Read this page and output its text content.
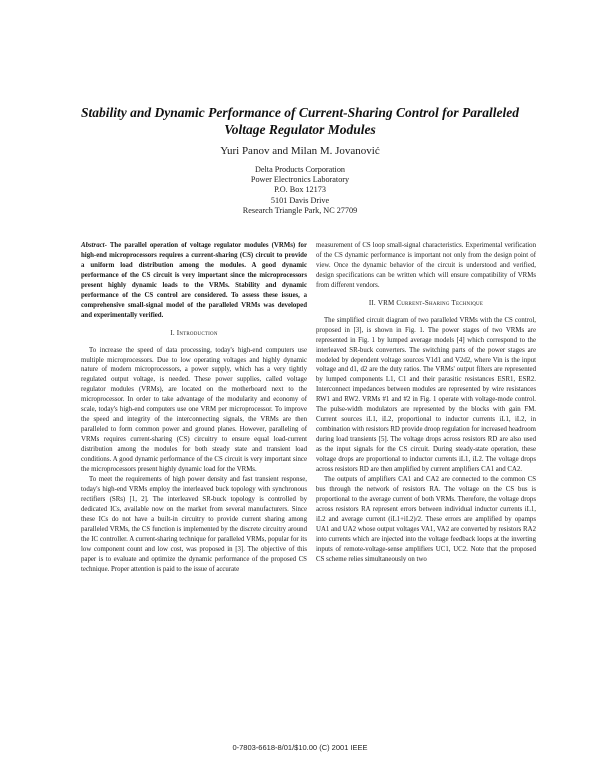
Stability and Dynamic Performance of Current-Sharing Control for Paralleled
Voltage Regulator Modules
Yuri Panov and Milan M. Jovanović
Delta Products Corporation
Power Electronics Laboratory
P.O. Box 12173
5101 Davis Drive
Research Triangle Park, NC 27709

Abstract- The parallel operation of voltage regulator modules (VRMs) for high-end microprocessors requires a current-sharing (CS) circuit to provide a uniform load distribution among the modules. A good dynamic performance of the CS circuit is very important since the microprocessors present highly dynamic loads to the VRMs. Stability and dynamic performance of the CS control are considered. To assess these issues, a comprehensive small-signal model of the paralleled VRMs was developed and experimentally verified.

I. Introduction

To increase the speed of data processing, today's high-end computers use multiple microprocessors. Due to low operating voltages and highly dynamic nature of modern microprocessors, a power supply, which has a very tightly regulated output voltage, is needed. These power supplies, called voltage regulator modules (VRMs), are located on the motherboard next to the microprocessor. In order to take advantage of the modularity and economy of scale, today's high-end computers use one VRM per microprocessor. To improve the speed and integrity of the interconnecting signals, the VRMs are then paralleled to form common power and ground planes. However, paralleling of VRMs requires current-sharing (CS) circuitry to ensure equal load-current distribution among the modules for both steady state and transient load conditions. A good dynamic performance of the CS circuit is very important since the microprocessors present highly dynamic load for the VRMs.

To meet the requirements of high power density and fast transient response, today's high-end VRMs employ the interleaved buck topology with synchronous rectifiers (SRs) [1, 2]. The interleaved SR-buck topology is controlled by dedicated ICs, available now on the market from several manufacturers. Since these ICs do not have a built-in circuitry to provide current sharing among paralleled VRMs, the CS function is implemented by the discrete circuitry around the IC controller. A current-sharing technique for paralleled VRMs, popular for its low component count and low cost, was proposed in [3]. The objective of this paper is to evaluate and optimize the dynamic performance of the proposed CS technique. Proper attention is paid to the issue of accurate

measurement of CS loop small-signal characteristics. Experimental verification of the CS dynamic performance is important not only from the design point of view. Once the dynamic behavior of the circuit is understood and verified, design specifications can be written which will ensure compatibility of VRMs from different vendors.

II. VRM Current-Sharing Technique

The simplified circuit diagram of two paralleled VRMs with the CS control, proposed in [3], is shown in Fig. 1. The power stages of two VRMs are represented in Fig. 1 by lumped average models [4] which correspond to the interleaved SR-buck converters. The switching parts of the power stages are modeled by dependent voltage sources V1d1 and V2d2, where Vin is the input voltage and d1, d2 are the duty ratios. The VRMs' output filters are represented by lumped components L1, C1 and their parasitic resistances ESR1, ESR2. Interconnect impedances between modules are represented by wire resistances RW1 and RW2. VRMs #1 and #2 in Fig. 1 operate with voltage-mode control. The pulse-width modulators are represented by the blocks with gain FM. Current sources iL1, iL2, proportional to inductor currents iL1, iL2, in combination with resistors RD provide droop regulation for increased headroom during load transients [5]. The voltage drops across resistors RD are also used as the input signals for the CS circuit. During steady-state operation, these voltage drops are proportional to inductor currents iL1, iL2. The voltage drops across resistors RD are then amplified by current amplifiers CA1 and CA2.

The outputs of amplifiers CA1 and CA2 are connected to the common CS bus through the network of resistors RA. The voltage on the CS bus is proportional to the average current of both VRMs. Therefore, the voltage drops across resistors RA represent errors between individual inductor currents iL1, iL2 and average current (iL1+iL2)/2. These errors are amplified by opamps UA1 and UA2 whose output voltages VA1, VA2 are converted by resistors RA2 into currents which are injected into the voltage feedback loops at the inverting inputs of remote-voltage-sense amplifiers UC1, UC2. Note that the proposed CS scheme relies simultaneously on two

0-7803-6618-8/01/$10.00 (C) 2001 IEEE
